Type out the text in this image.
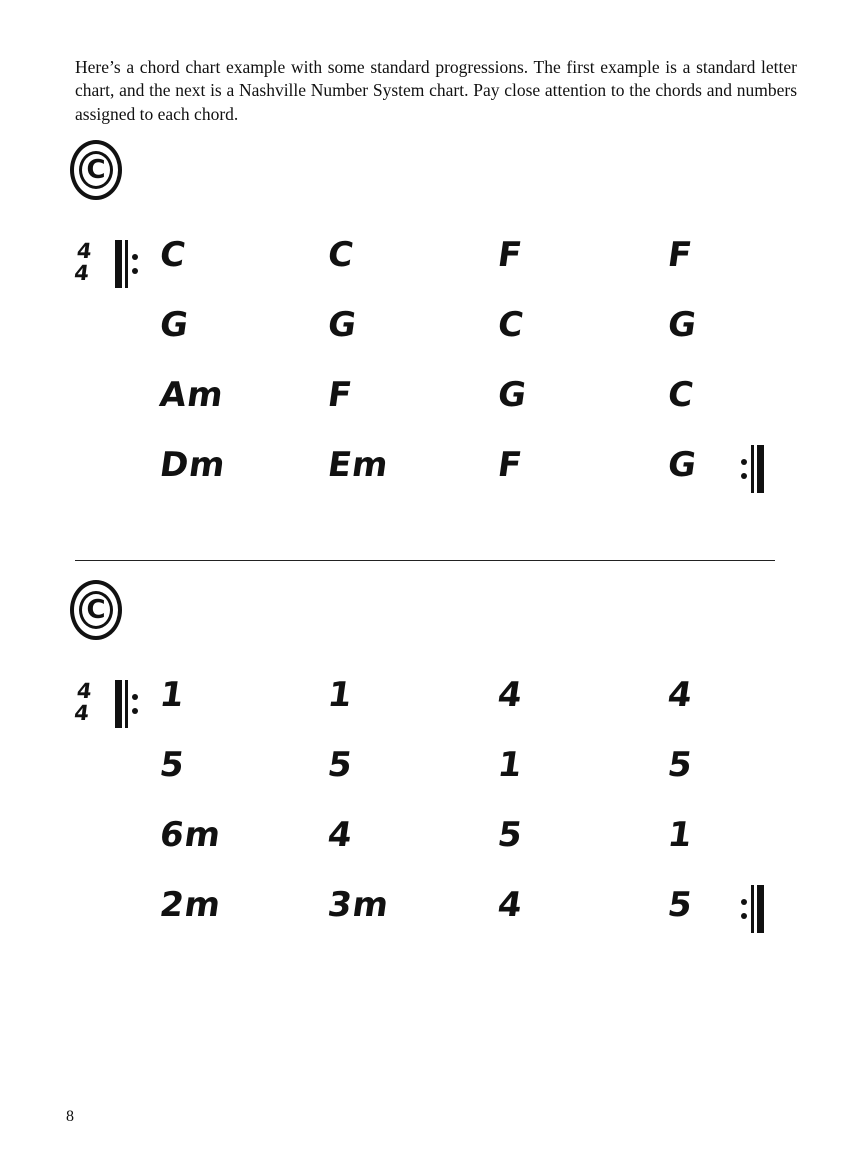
Here’s a chord chart example with some standard progressions. The first example is a standard letter chart, and the next is a Nashville Number System chart. Pay close attention to the chords and numbers assigned to each chord.

C
4
4 C	C	F	F
G	G	C	G
Am	F	G	C
Dm	Em	F	G
C
4
4 1	1	4	4
5	5	1	5
6m	4	5	1
2m	3m	4	5
8
